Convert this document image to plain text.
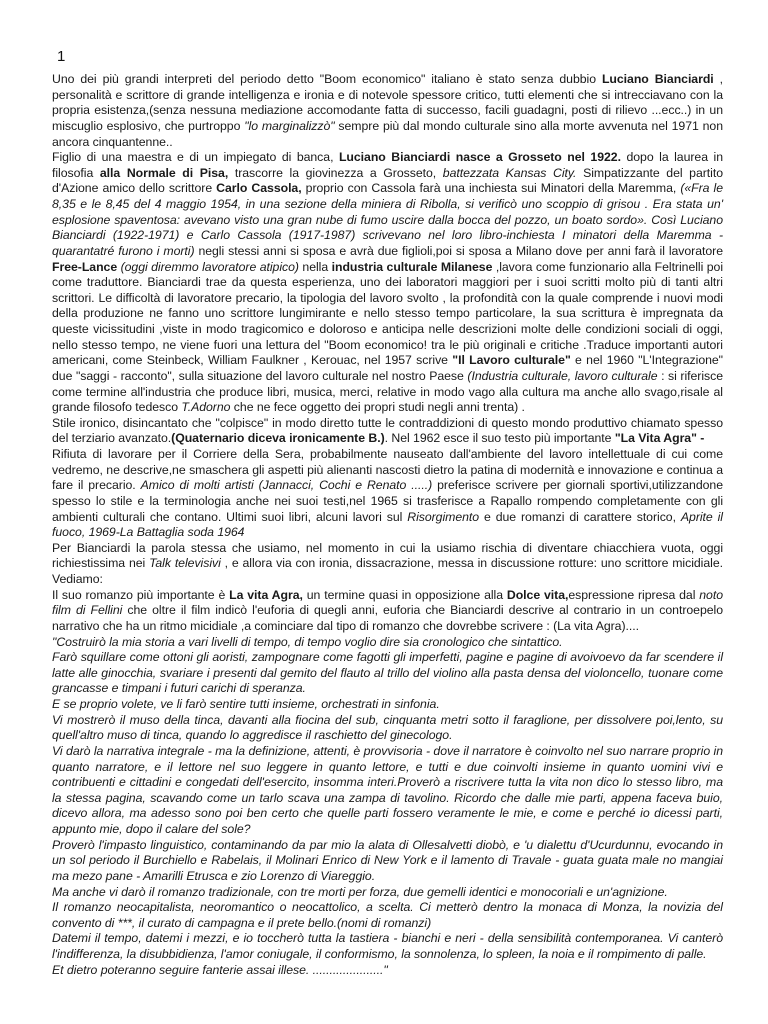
1

Uno dei più grandi interpreti del periodo detto "Boom economico" italiano è stato senza dubbio Luciano Bianciardi , personalità e scrittore di grande intelligenza e ironia e di notevole spessore critico, tutti elementi che si intrecciavano con la propria esistenza,(senza nessuna mediazione accomodante fatta di successo, facili guadagni, posti di rilievo ...ecc..) in un miscuglio esplosivo, che purtroppo "lo marginalizzò" sempre più dal mondo culturale sino alla morte avvenuta nel 1971 non ancora cinquantenne..

Figlio di una maestra e di un impiegato di banca, Luciano Bianciardi nasce a Grosseto nel 1922. dopo la laurea in filosofia alla Normale di Pisa, trascorre la giovinezza a Grosseto, battezzata Kansas City. Simpatizzante del partito d'Azione amico dello scrittore Carlo Cassola, proprio con Cassola farà una inchiesta sui Minatori della Maremma, («Fra le 8,35 e le 8,45 del 4 maggio 1954, in una sezione della miniera di Ribolla, si verificò uno scoppio di grisou . Era stata un' esplosione spaventosa: avevano visto una gran nube di fumo uscire dalla bocca del pozzo, un boato sordo». Così Luciano Bianciardi (1922-1971) e Carlo Cassola (1917-1987) scrivevano nel loro libro-inchiesta I minatori della Maremma -quarantatré furono i morti) negli stessi anni si sposa e avrà due figlioli,poi si sposa a Milano dove per anni farà il lavoratore Free-Lance (oggi diremmo lavoratore atipico) nella industria culturale Milanese ,lavora come funzionario alla Feltrinelli poi come traduttore. Bianciardi trae da questa esperienza, uno dei laboratori maggiori per i suoi scritti molto più di tanti altri scrittori. Le difficoltà di lavoratore precario, la tipologia del lavoro svolto , la profondità con la quale comprende i nuovi modi della produzione ne fanno uno scrittore lungimirante e nello stesso tempo particolare, la sua scrittura è impregnata da queste vicissitudini ,viste in modo tragicomico e doloroso e anticipa nelle descrizioni molte delle condizioni sociali di oggi, nello stesso tempo, ne viene fuori una lettura del "Boom economico! tra le più originali e critiche .Traduce importanti autori americani, come Steinbeck, William Faulkner , Kerouac, nel 1957 scrive "Il Lavoro culturale" e nel 1960 "L'Integrazione" due "saggi - racconto", sulla situazione del lavoro culturale nel nostro Paese (Industria culturale, lavoro culturale : si riferisce come termine all'industria che produce libri, musica, merci, relative in modo vago alla cultura ma anche allo svago,risale al grande filosofo tedesco T.Adorno che ne fece oggetto dei propri studi negli anni trenta) .

Stile ironico, disincantato che "colpisce" in modo diretto tutte le contraddizioni di questo mondo produttivo chiamato spesso del terziario avanzato.(Quaternario diceva ironicamente B.). Nel 1962 esce il suo testo più importante "La Vita Agra" -

Rifiuta di lavorare per il Corriere della Sera, probabilmente nauseato dall'ambiente del lavoro intellettuale di cui come vedremo, ne descrive,ne smaschera gli aspetti più alienanti nascosti dietro la patina di modernità e innovazione e continua a fare il precario. Amico di molti artisti (Jannacci, Cochi e Renato .....) preferisce scrivere per giornali sportivi,utilizzandone spesso lo stile e la terminologia anche nei suoi testi,nel 1965 si trasferisce a Rapallo rompendo completamente con gli ambienti culturali che contano. Ultimi suoi libri, alcuni lavori sul Risorgimento e due romanzi di carattere storico, Aprite il fuoco, 1969-La Battaglia soda 1964

Per Bianciardi la parola stessa che usiamo, nel momento in cui la usiamo rischia di diventare chiacchiera vuota, oggi richiestissima nei Talk televisivi , e allora via con ironia, dissacrazione, messa in discussione rotture: uno scrittore micidiale. Vediamo:

Il suo romanzo più importante è La vita Agra, un termine quasi in opposizione alla Dolce vita,espressione ripresa dal noto film di Fellini che oltre il film indicò l'euforia di quegli anni, euforia che Bianciardi descrive al contrario in un controepelo narrativo che ha un ritmo micidiale ,a cominciare dal tipo di romanzo che dovrebbe scrivere : (La vita Agra)....

"Costruirò la mia storia a vari livelli di tempo, di tempo voglio dire sia cronologico che sintattico.

Farò squillare come ottoni gli aoristi, zampognare come fagotti gli imperfetti, pagine e pagine di avoivoevo da far scendere il latte alle ginocchia, svariare i presenti dal gemito del flauto al trillo del violino alla pasta densa del violoncello, tuonare come grancasse e timpani i futuri carichi di speranza.

E se proprio volete, ve li farò sentire tutti insieme, orchestrati in sinfonia.

Vi mostrerò il muso della tinca, davanti alla fiocina del sub, cinquanta metri sotto il faraglione, per dissolvere poi,lento, su quell'altro muso di tinca, quando lo aggredisce il raschietto del ginecologo.

Vi darò la narrativa integrale - ma la definizione, attenti, è provvisoria - dove il narratore è coinvolto nel suo narrare proprio in quanto narratore, e il lettore nel suo leggere in quanto lettore, e tutti e due coinvolti insieme in quanto uomini vivi e contribuenti e cittadini e congedati dell'esercito, insomma interi.Proverò a riscrivere tutta la vita non dico lo stesso libro, ma la stessa pagina, scavando come un tarlo scava una zampa di tavolino. Ricordo che dalle mie parti, appena faceva buio, dicevo allora, ma adesso sono poi ben certo che quelle parti fossero veramente le mie, e come e perché io dicessi parti, appunto mie, dopo il calare del sole?

Proverò l'impasto linguistico, contaminando da par mio la alata di Ollesalvetti diobò, e 'u dialettu d'Ucurdunnu, evocando in un sol periodo il Burchiello e Rabelais, il Molinari Enrico di New York e il lamento di Travale - guata guata male no mangiai ma mezo pane - Amarilli Etrusca e zio Lorenzo di Viareggio.

Ma anche vi darò il romanzo tradizionale, con tre morti per forza, due gemelli identici e monocoriali e un'agnizione.

Il romanzo neocapitalista, neoromantico o neocattolico, a scelta. Ci metterò dentro la monaca di Monza, la novizia del convento di ***, il curato di campagna e il prete bello.(nomi di romanzi)

Datemi il tempo, datemi i mezzi, e io toccherò tutta la tastiera - bianchi e neri - della sensibilità contemporanea. Vi canterò l'indifferenza, la disubbidienza, l'amor coniugale, il conformismo, la sonnolenza, lo spleen, la noia e il rompimento di palle.

Et dietro poteranno seguire fanterie assai illese. ....................."
